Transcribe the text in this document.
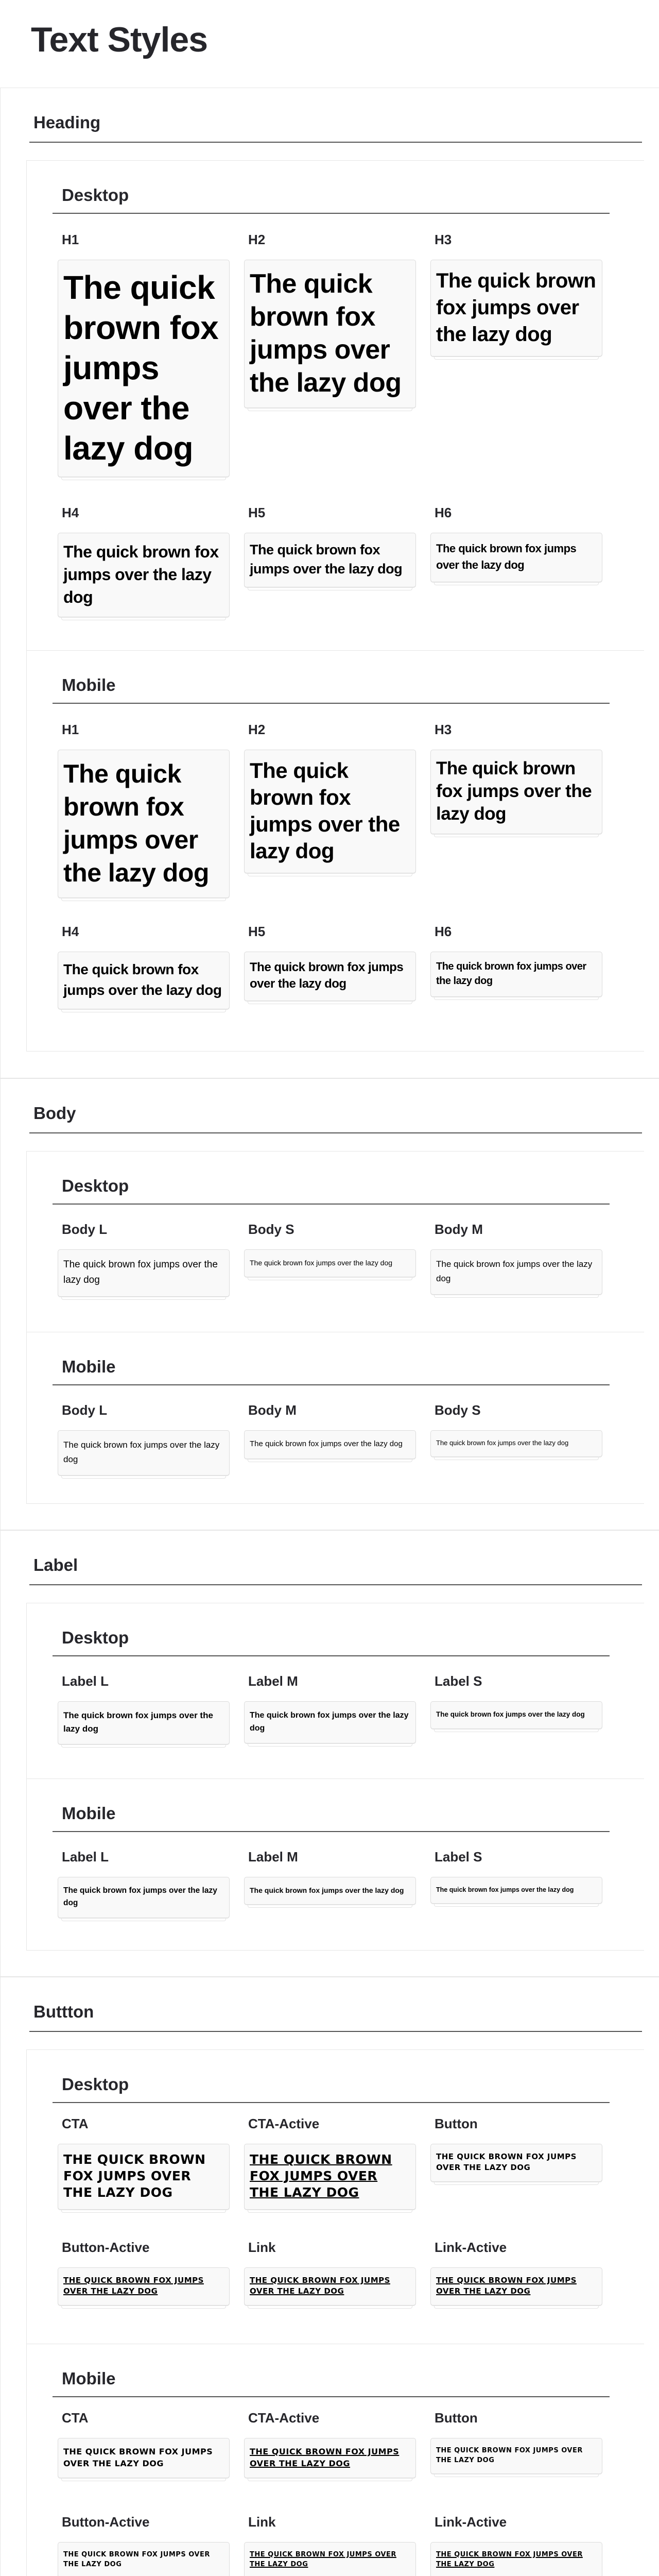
Text Styles
Heading
Desktop
H1
The quick brown fox jumps over the lazy dog
H2
The quick brown fox jumps over the lazy dog
H3
The quick brown fox jumps over the lazy dog
H4
The quick brown fox jumps over the lazy dog
H5
The quick brown fox jumps over the lazy dog
H6
The quick brown fox jumps over the lazy dog
Mobile
H1
The quick brown fox jumps over the lazy dog
H2
The quick brown fox jumps over the lazy dog
H3
The quick brown fox jumps over the lazy dog
H4
The quick brown fox jumps over the lazy dog
H5
The quick brown fox jumps over the lazy dog
H6
The quick brown fox jumps over the lazy dog
Body
Desktop
Body L
The quick brown fox jumps over the lazy dog
Body S
The quick brown fox jumps over the lazy dog
Body M
The quick brown fox jumps over the lazy dog
Mobile
Body L
The quick brown fox jumps over the lazy dog
Body M
The quick brown fox jumps over the lazy dog
Body S
The quick brown fox jumps over the lazy dog
Label
Desktop
Label L
The quick brown fox jumps over the lazy dog
Label M
The quick brown fox jumps over the lazy dog
Label S
The quick brown fox jumps over the lazy dog
Mobile
Label L
The quick brown fox jumps over the lazy dog
Label M
The quick brown fox jumps over the lazy dog
Label S
The quick brown fox jumps over the lazy dog
Buttton
Desktop
CTA
THE QUICK BROWN FOX JUMPS OVER THE LAZY DOG
CTA-Active
THE QUICK BROWN FOX JUMPS OVER THE LAZY DOG
Button
THE QUICK BROWN FOX JUMPS OVER THE LAZY DOG
Button-Active
THE QUICK BROWN FOX JUMPS OVER THE LAZY DOG
Link
THE QUICK BROWN FOX JUMPS OVER THE LAZY DOG
Link-Active
THE QUICK BROWN FOX JUMPS OVER THE LAZY DOG
Mobile
CTA
THE QUICK BROWN FOX JUMPS OVER THE LAZY DOG
CTA-Active
THE QUICK BROWN FOX JUMPS OVER THE LAZY DOG
Button
THE QUICK BROWN FOX JUMPS OVER THE LAZY DOG
Button-Active
THE QUICK BROWN FOX JUMPS OVER THE LAZY DOG
Link
THE QUICK BROWN FOX JUMPS OVER THE LAZY DOG
Link-Active
THE QUICK BROWN FOX JUMPS OVER THE LAZY DOG
